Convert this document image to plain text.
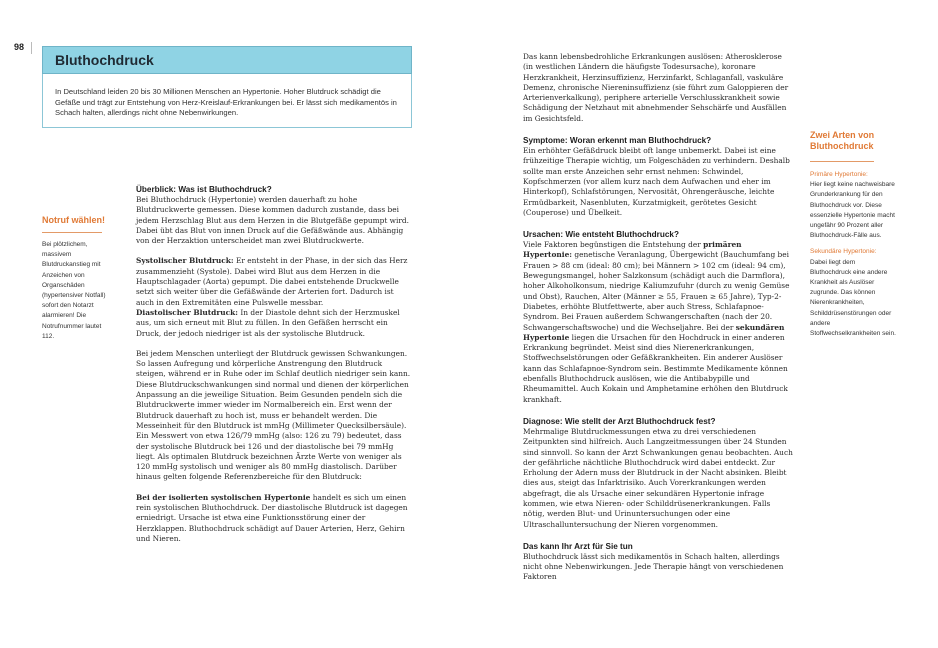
98
Bluthochdruck
In Deutschland leiden 20 bis 30 Millionen Menschen an Hypertonie. Hoher Blutdruck schädigt die Gefäße und trägt zur Entstehung von Herz-Kreislauf-Erkrankungen bei. Er lässt sich medikamentös in Schach halten, allerdings nicht ohne Nebenwirkungen.
Notruf wählen!
Bei plötzlichem, massivem Blutdruckanstieg mit Anzeichen von Organschäden (hypertensiver Notfall) sofort den Notarzt alarmieren! Die Notrufnummer lautet 112.
Überblick: Was ist Bluthochdruck?

Bei Bluthochdruck (Hypertonie) werden dauerhaft zu hohe Blutdruckwerte gemessen. Diese kommen dadurch zustande, dass bei jedem Herzschlag Blut aus dem Herzen in die Blutgefäße gepumpt wird. Dabei übt das Blut von innen Druck auf die Gefäßwände aus. Abhängig von der Herzaktion unterscheidet man zwei Blutdruckwerte.

Systolischer Blutdruck: Er entsteht in der Phase, in der sich das Herz zusammenzieht (Systole). Dabei wird Blut aus dem Herzen in die Hauptschlagader (Aorta) gepumpt. Die dabei entstehende Druckwelle setzt sich weiter über die Gefäßwände der Arterien fort. Dadurch ist auch in den Extremitäten eine Pulswelle messbar.

Diastolischer Blutdruck: In der Diastole dehnt sich der Herzmuskel aus, um sich erneut mit Blut zu füllen. In den Gefäßen herrscht ein Druck, der jedoch niedriger ist als der systolische Blutdruck.

Bei jedem Menschen unterliegt der Blutdruck gewissen Schwankungen. So lassen Aufregung und körperliche Anstrengung den Blutdruck steigen, während er in Ruhe oder im Schlaf deutlich niedriger sein kann. Diese Blutdruckschwankungen sind normal und dienen der körperlichen Anpassung an die jeweilige Situation. Beim Gesunden pendeln sich die Blutdruckwerte immer wieder im Normalbereich ein. Erst wenn der Blutdruck dauerhaft zu hoch ist, muss er behandelt werden. Die Messeinheit für den Blutdruck ist mmHg (Millimeter Quecksilbersäule). Ein Messwert von etwa 126/79 mmHg (also: 126 zu 79) bedeutet, dass der systolische Blutdruck bei 126 und der diastolische bei 79 mmHg liegt. Als optimalen Blutdruck bezeichnen Ärzte Werte von weniger als 120 mmHg systolisch und weniger als 80 mmHg diastolisch. Darüber hinaus gelten folgende Referenzbereiche für den Blutdruck:

Bei der isolierten systolischen Hypertonie handelt es sich um einen rein systolischen Bluthochdruck. Der diastolische Blutdruck ist dagegen erniedrigt. Ursache ist etwa eine Funktionsstörung einer der Herzklappen. Bluthochdruck schädigt auf Dauer Arterien, Herz, Gehirn und Nieren.

Das kann lebensbedrohliche Erkrankungen auslösen: Atherosklerose (in westlichen Ländern die häufigste Todesursache), koronare Herzkrankheit, Herzinsuffizienz, Herzinfarkt, Schlaganfall, vaskuläre Demenz, chronische Niereninsuffizienz (sie führt zum Galoppieren der Arterienverkalkung), periphere arterielle Verschlusskrankheit sowie Schädigung der Netzhaut mit abnehmender Sehschärfe und Ausfällen im Gesichtsfeld.

Symptome: Woran erkennt man Bluthochdruck?

Ein erhöhter Gefäßdruck bleibt oft lange unbemerkt. Dabei ist eine frühzeitige Therapie wichtig, um Folgeschäden zu verhindern. Deshalb sollte man erste Anzeichen sehr ernst nehmen: Schwindel, Kopfschmerzen (vor allem kurz nach dem Aufwachen und eher im Hinterkopf), Schlafstörungen, Nervosität, Ohrengeräusche, leichte Ermüdbarkeit, Nasenbluten, Kurzatmigkeit, gerötetes Gesicht (Couperose) und Übelkeit.

Ursachen: Wie entsteht Bluthochdruck?

Viele Faktoren begünstigen die Entstehung der primären Hypertonie: genetische Veranlagung, Übergewicht (Bauchumfang bei Frauen > 88 cm (ideal: 80 cm); bei Männern > 102 cm (ideal: 94 cm), Bewegungsmangel, hoher Salzkonsum (schädigt auch die Darmflora), hoher Alkoholkonsum, niedrige Kaliumzufuhr (durch zu wenig Gemüse und Obst), Rauchen, Alter (Männer ≥ 55, Frauen ≥ 65 Jahre), Typ-2-Diabetes, erhöhte Blutfettwerte, aber auch Stress, Schlafapnoe-Syndrom. Bei Frauen außerdem Schwangerschaften (nach der 20. Schwangerschaftswoche) und die Wechseljahre. Bei der sekundären Hypertonie liegen die Ursachen für den Hochdruck in einer anderen Erkrankung begründet. Meist sind dies Nierenerkrankungen, Stoffwechselstörungen oder Gefäßkrankheiten. Ein anderer Auslöser kann das Schlafapnoe-Syndrom sein. Bestimmte Medikamente können ebenfalls Bluthochdruck auslösen, wie die Antibabypille und Rheumamittel. Auch Kokain und Amphetamine erhöhen den Blutdruck krankhaft.

Diagnose: Wie stellt der Arzt Bluthochdruck fest?

Mehrmalige Blutdruckmessungen etwa zu drei verschiedenen Zeitpunkten sind hilfreich. Auch Langzeitmessungen über 24 Stunden sind sinnvoll. So kann der Arzt Schwankungen genau beobachten. Auch der gefährliche nächtliche Bluthochdruck wird dabei entdeckt. Zur Erholung der Adern muss der Blutdruck in der Nacht absinken. Bleibt dies aus, steigt das Infarktrisiko. Auch Vorerkrankungen werden abgefragt, die als Ursache einer sekundären Hypertonie infrage kommen, wie etwa Nieren- oder Schilddrüsenerkrankungen. Falls nötig, werden Blut- und Urinuntersuchungen oder eine Ultraschalluntersuchung der Nieren vorgenommen.

Das kann Ihr Arzt für Sie tun

Bluthochdruck lässt sich medikamentös in Schach halten, allerdings nicht ohne Nebenwirkungen. Jede Therapie hängt von verschiedenen Faktoren

Zwei Arten von Bluthochdruck
Primäre Hypertonie:
Hier liegt keine nachweisbare Grunderkrankung für den Bluthochdruck vor. Diese essenzielle Hypertonie macht ungefähr 90 Prozent aller Bluthochdruck-Fälle aus.
Sekundäre Hypertonie:
Dabei liegt dem Bluthochdruck eine andere Krankheit als Auslöser zugrunde. Das können Nierenkrankheiten, Schilddrüsenstörungen oder andere Stoffwechselkrankheiten sein.
